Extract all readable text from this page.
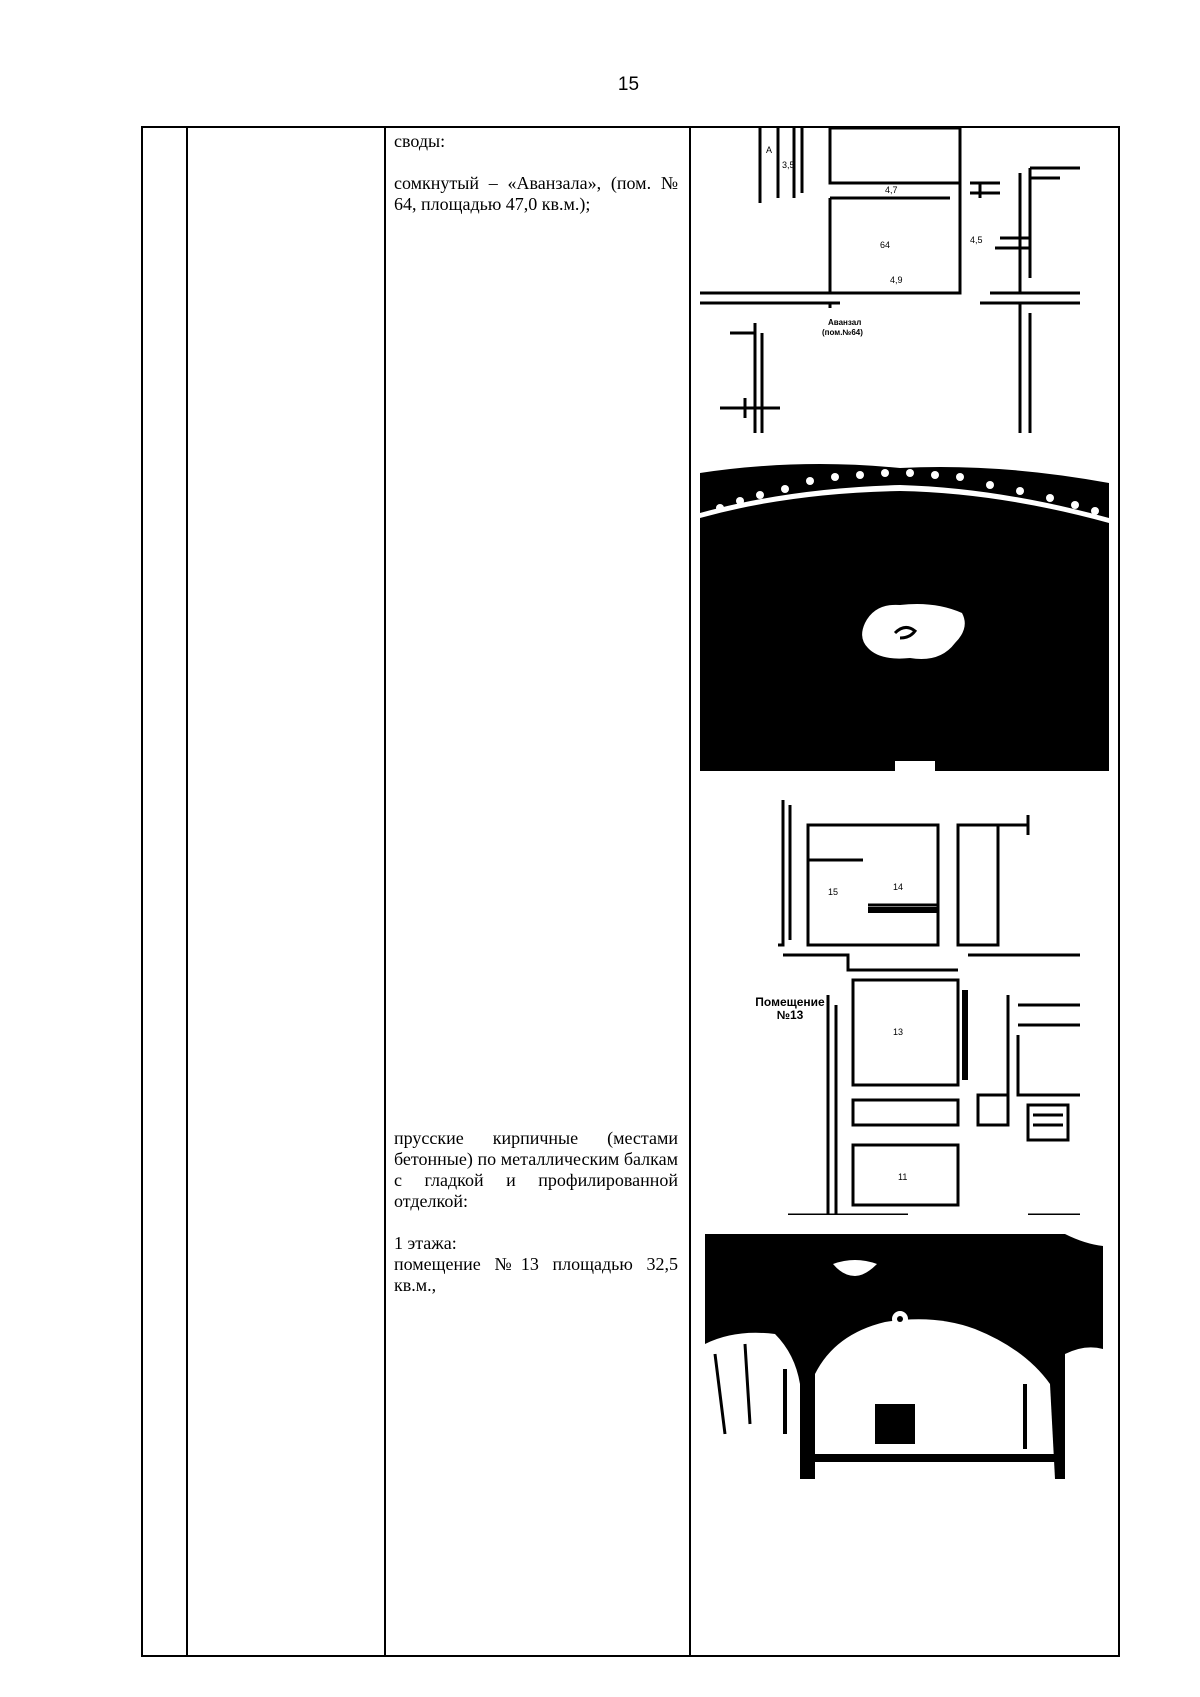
15

своды:

сомкнутый – «Аванзала», (пом. № 64, площадью 47,0 кв.м.);

прусские кирпичные (местами бетонные) по металлическим балкам с гладкой и профилированной отделкой:

1 этажа:

помещение №13 площадью 32,5 кв.м.,

64	4,5
4,7
4,9
А
3,5
Аванзал
(пом.№64)
13
14
15
11
Помещение
№13
